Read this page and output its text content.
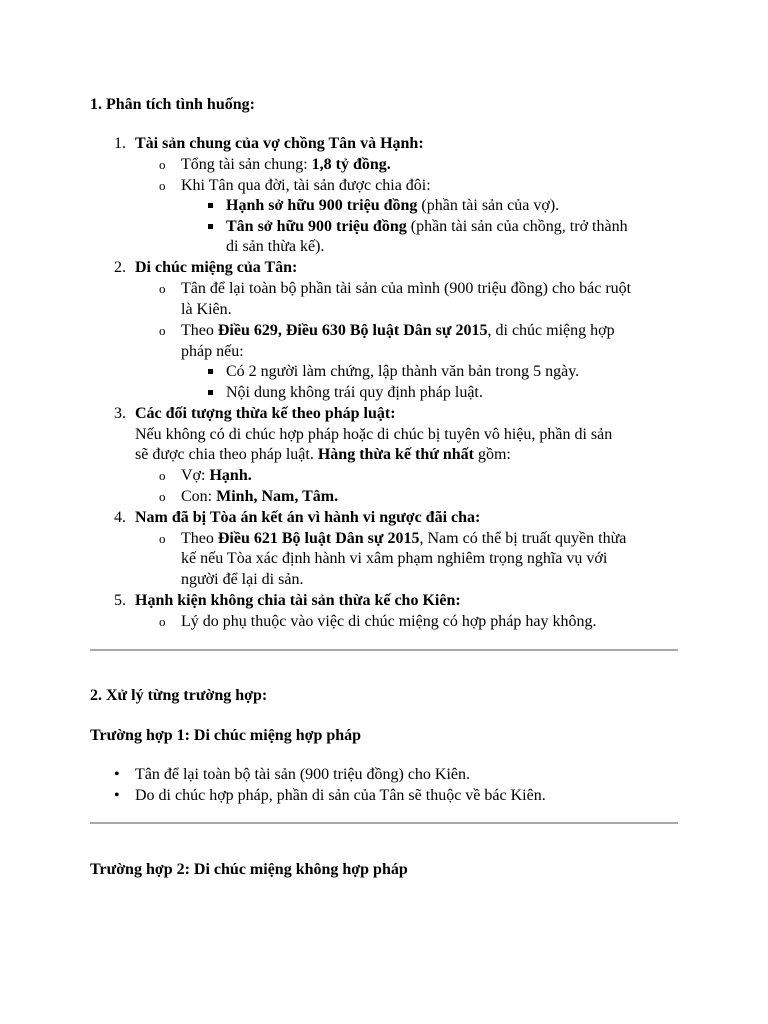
1. Phân tích tình huống:
1. Tài sản chung của vợ chồng Tân và Hạnh:
o Tổng tài sản chung: 1,8 tỷ đồng.
o Khi Tân qua đời, tài sản được chia đôi:
Hạnh sở hữu 900 triệu đồng (phần tài sản của vợ).
Tân sở hữu 900 triệu đồng (phần tài sản của chồng, trở thành
di sản thừa kế).
2. Di chúc miệng của Tân:
o Tân để lại toàn bộ phần tài sản của mình (900 triệu đồng) cho bác ruột
là Kiên.
o Theo Điều 629, Điều 630 Bộ luật Dân sự 2015, di chúc miệng hợp
pháp nếu:
Có 2 người làm chứng, lập thành văn bản trong 5 ngày.
Nội dung không trái quy định pháp luật.
3. Các đối tượng thừa kế theo pháp luật:
Nếu không có di chúc hợp pháp hoặc di chúc bị tuyên vô hiệu, phần di sản
sẽ được chia theo pháp luật. Hàng thừa kế thứ nhất gồm:
o Vợ: Hạnh.
o Con: Minh, Nam, Tâm.
4. Nam đã bị Tòa án kết án vì hành vi ngược đãi cha:
o Theo Điều 621 Bộ luật Dân sự 2015, Nam có thể bị truất quyền thừa
kế nếu Tòa xác định hành vi xâm phạm nghiêm trọng nghĩa vụ với
người để lại di sản.
5. Hạnh kiện không chia tài sản thừa kế cho Kiên:
o Lý do phụ thuộc vào việc di chúc miệng có hợp pháp hay không.
2. Xử lý từng trường hợp:
Trường hợp 1: Di chúc miệng hợp pháp
• Tân để lại toàn bộ tài sản (900 triệu đồng) cho Kiên.
• Do di chúc hợp pháp, phần di sản của Tân sẽ thuộc về bác Kiên.
Trường hợp 2: Di chúc miệng không hợp pháp
